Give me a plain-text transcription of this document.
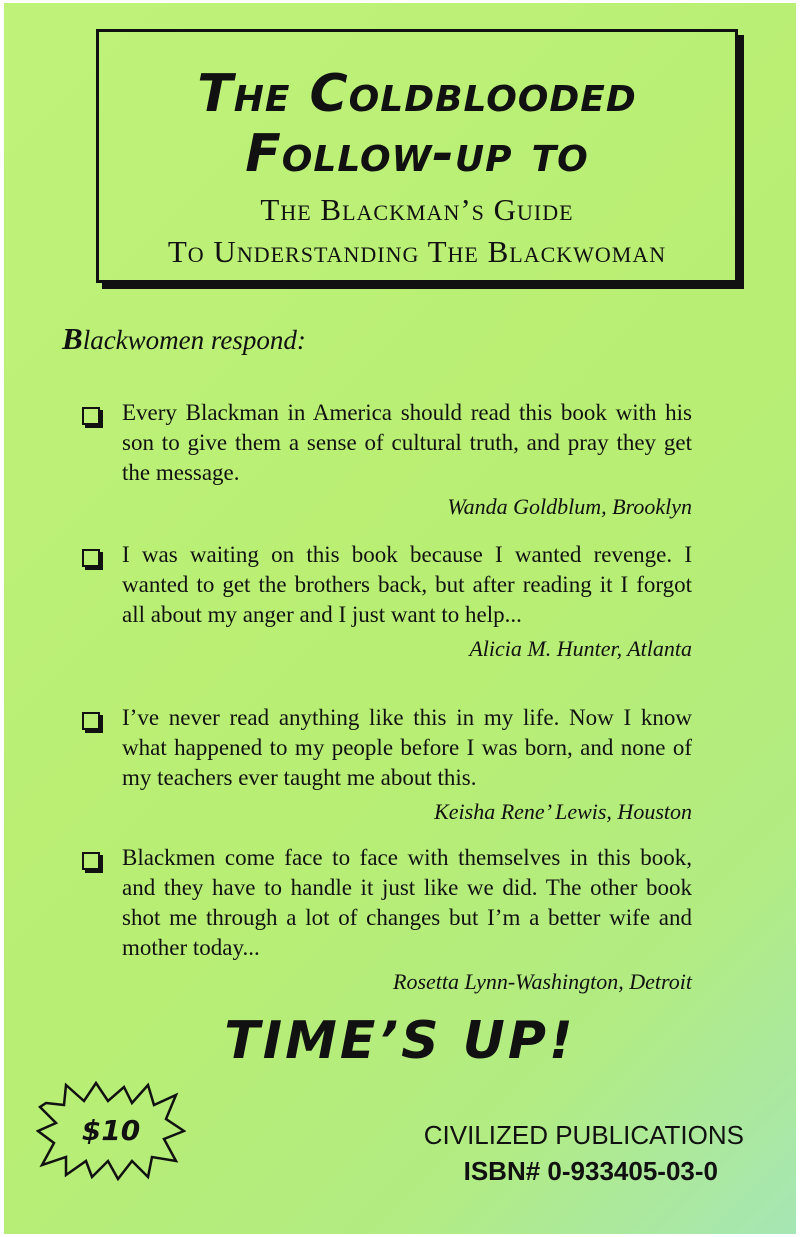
The Coldblooded
Follow-up to
The Blackman’s Guide
To Understanding The Blackwoman
Blackwomen respond:
Every Blackman in America should read this book with his son to give them a sense of cultural truth, and pray they get the message.
Wanda Goldblum, Brooklyn
I was waiting on this book because I wanted revenge. I wanted to get the brothers back, but after reading it I forgot all about my anger and I just want to help...
Alicia M. Hunter, Atlanta
I’ve never read anything like this in my life. Now I know what happened to my people before I was born, and none of my teachers ever taught me about this.
Keisha Rene’ Lewis, Houston
Blackmen come face to face with themselves in this book, and they have to handle it just like we did. The other book shot me through a lot of changes but I’m a better wife and mother today...
Rosetta Lynn-Washington, Detroit
TIME’S UP!
$10	CIVILIZED PUBLICATIONS
ISBN# 0-933405-03-0
